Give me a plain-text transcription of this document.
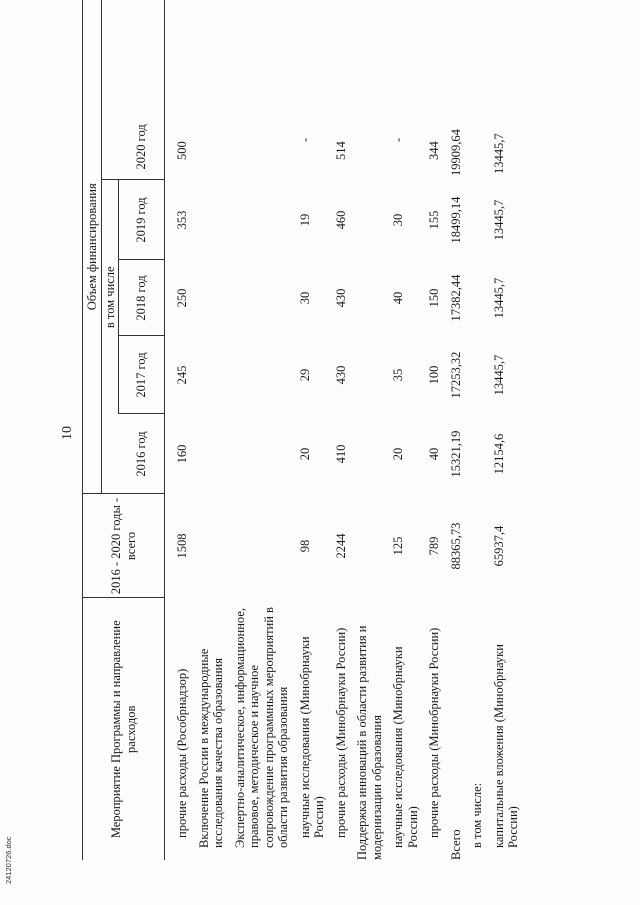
10
Мероприятие Программы и направление расходов	2016 - 2020 годы - всего	Объем финансирования				
			в том числе			
		2016 год	2017 год	2018 год	2019 год	2020 год

прочие расходы (Рособрнадзор)	1508	160	245	250	353	500
Включение России в международные исследования качества образования						
Экспертно-аналитическое, информационное, правовое, методическое и научное сопровождение программных мероприятий в области развития образования						
научные исследования (Минобрнауки России)	98	20	29	30	19	-
прочие расходы (Минобрнауки России)	2244	410	430	430	460	514
Поддержка инноваций в области развития и модернизации образования						
научные исследования (Минобрнауки России)	125	20	35	40	30	-
прочие расходы (Минобрнауки России)	789	40	100	150	155	344
Всего	88365,73	15321,19	17253,32	17382,44	18499,14	19909,64
в том числе:						
капитальные вложения (Минобрнауки России)	65937,4	12154,6	13445,7	13445,7	13445,7	13445,7
24120726.doc
